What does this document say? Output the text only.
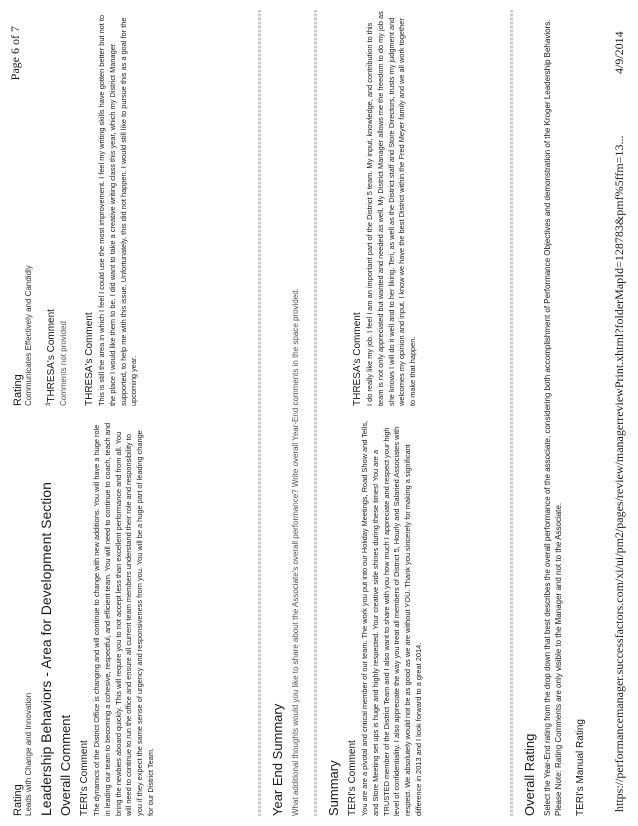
Page 6 of 7
Rating Leads with Change and Innovation Leadership Behaviors - Area for Development Section Overall Comment TERI's Comment The dynamics of the District Office is changing and will continue to change with new additions. You will have a huge role in leading our team to becoming a cohesive, respectful, and efficient team. You will need to continue to coach, teach and bring the newbies aboard quickly. This will require you to not accept less than excellent performance and from all. You will need to continue to run the office and ensure all current team members understand their role and responsibility to you if they expect the same sense of urgency and responsiveness from you. You will be a huge part of leading change for our District Team.
Rating Communicates Effectively and Candidly $^3$THRESA's Comment Comments not provided THRESA's Comment This is still the area in which I feel I could use the most improvement. I feel my writing skills have gotten better but not to the place I would like them to be. I did want to take a creative writing class this year, which my District Manager supported, to help me with this issue. Unfortunately, this did not happen. I would still like to pursue this as a goal for the upcoming year.
Year End Summary What additional thoughts would you like to share about the Associate's overall performance? Write overall Year-End comments in the space provided. Summary TERI's Comment You are are a pivotal and critical member of our team. The work you put into our Holiday Meetings, Road Show and Tells, and Store Meeting set ups is huge and highly respected. Your creative side shines during these times! You are a TRUSTED member of the District Team and I also want to share with you how much I appreciate and respect your high level of confidentiality. I also appreciate the way you treat all members of District 5, Hourly and Salaried Associates with respect. We absolutely would not be as good as we are without YOU. Thank you sincerely for making a significant difference in 2013 and I look forward to a great 2014.
THRESA's Comment I do really like my job. I feel I am an important part of the District 5 team. My input, knowledge, and contribution to this team is not only appreciated but wanted and needed as well. My District Manager allows me the freedom to do my job as she knows I will do it well and to her liking. Teri, as well as the District staff and Store Directors, trusts my judgment and welcomes my opinion and input. I know we have the best District within the Fred Meyer family and we all work together to make that happen.
Overall Rating Select the Year-End rating from the drop down that best describes the overall performance of the associate, considering both accomplishment of Performance Objectives and demonstration of the Kroger Leadership Behaviors. Please Note: Rating Comments are only visible to the Manager and not to the Associate. TERI's Manual Rating https://performancemanager.successfactors.com/xi/ui/pm2/pages/review/managerreviewPrint.xhtml?folderMapId=128783&pmf%5ffm=13...
4/9/2014
